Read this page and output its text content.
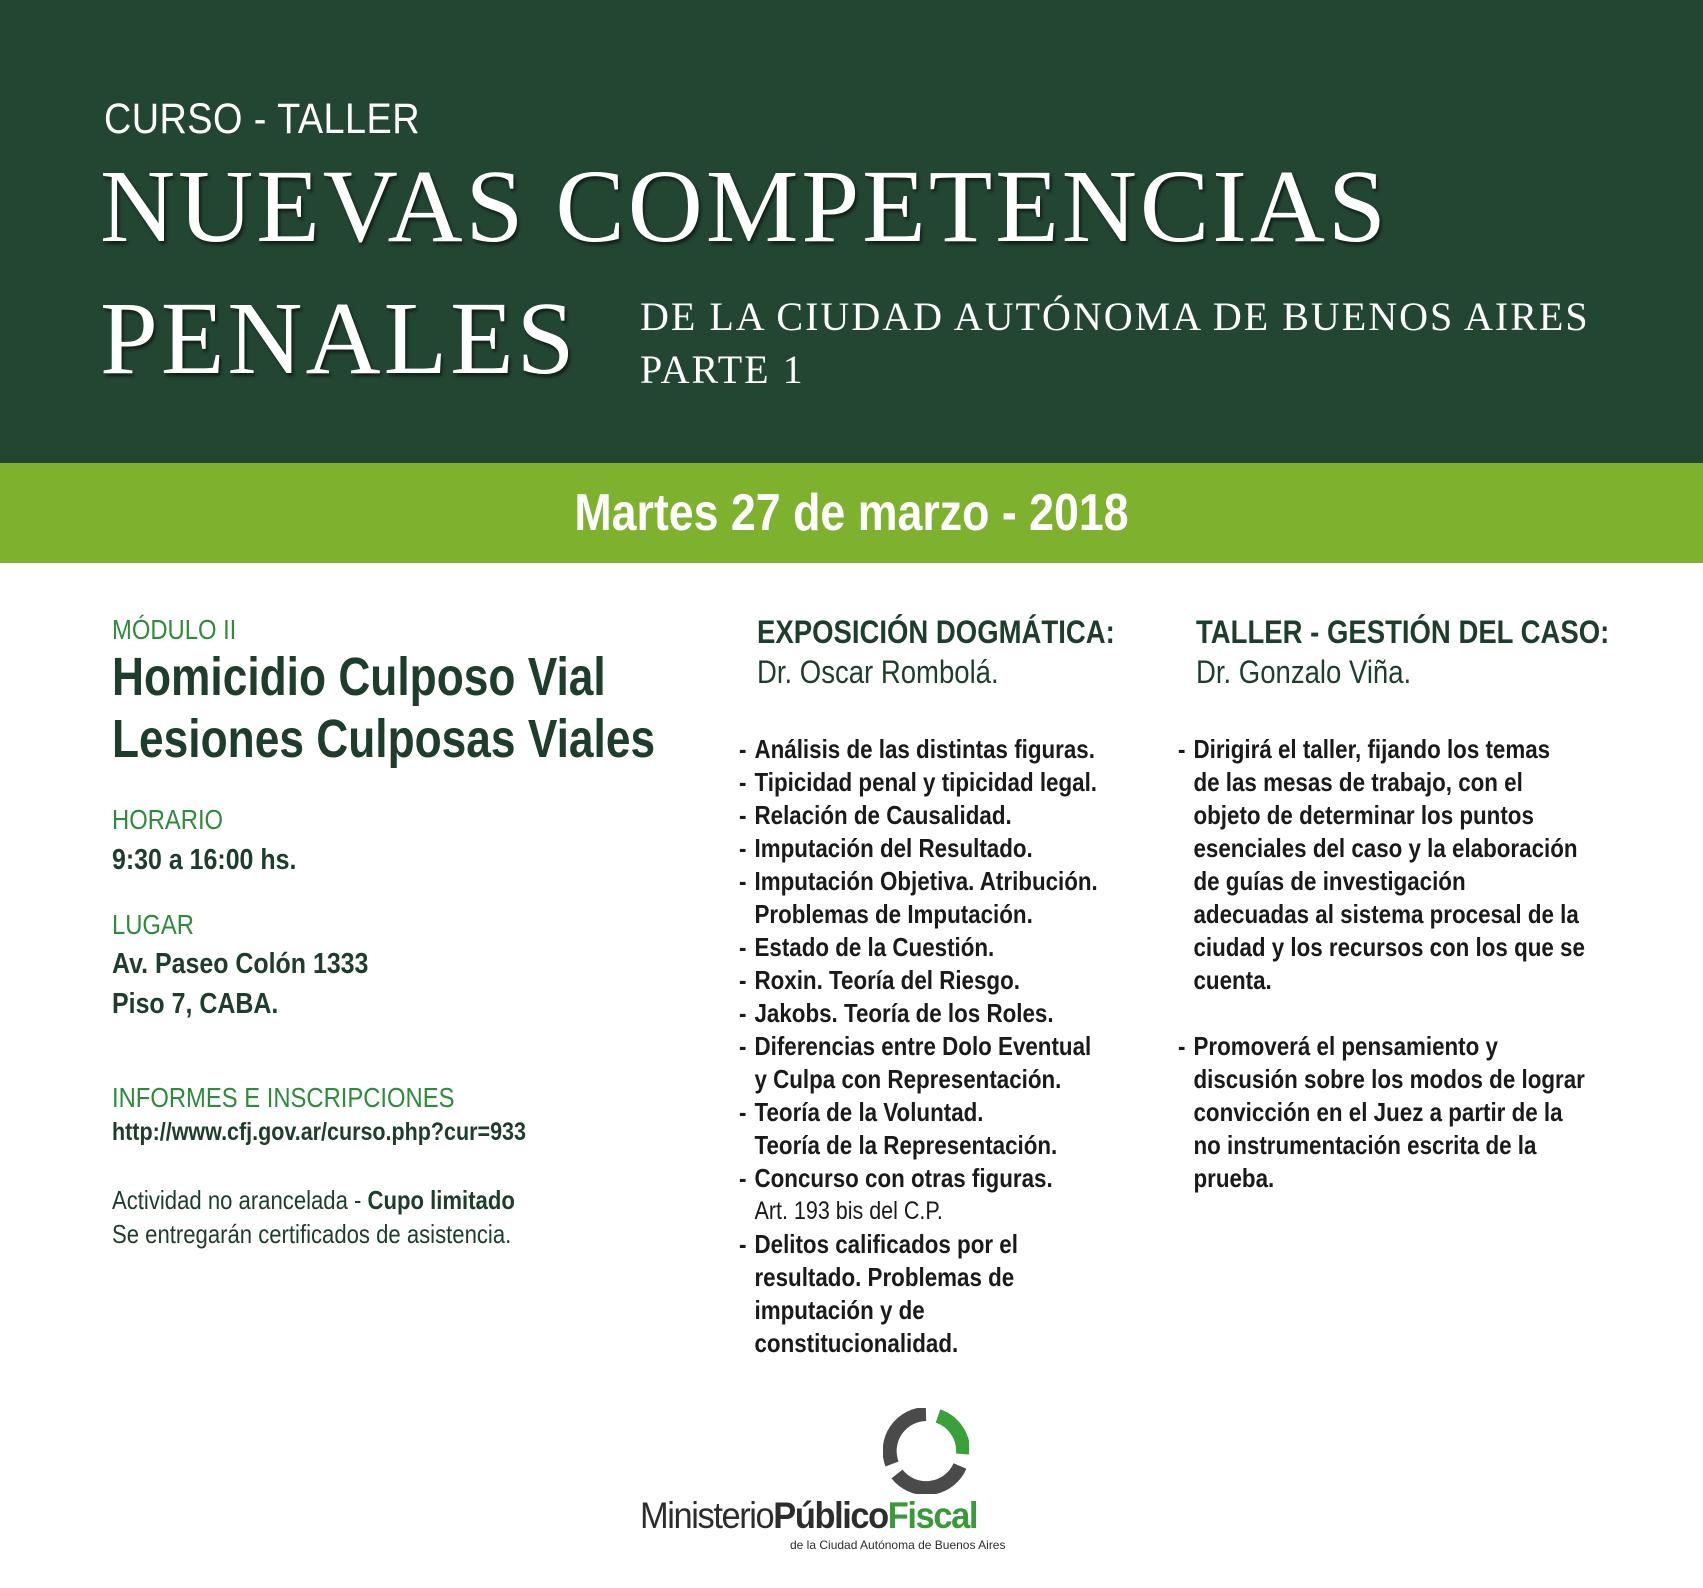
CURSO - TALLER
NUEVAS COMPETENCIAS
PENALES DE LA CIUDAD AUTÓNOMA DE BUENOS AIRES
PARTE 1
Martes 27 de marzo - 2018
MÓDULO II
Homicidio Culposo Vial
Lesiones Culposas Viales
HORARIO
9:30 a 16:00 hs.
LUGAR
Av. Paseo Colón 1333
Piso 7, CABA.
INFORMES E INSCRIPCIONES
http://www.cfj.gov.ar/curso.php?cur=933
Actividad no arancelada - Cupo limitado
Se entregarán certificados de asistencia.
EXPOSICIÓN DOGMÁTICA:
Dr. Oscar Rombolá.
- Análisis de las distintas figuras.
- Tipicidad penal y tipicidad legal.
- Relación de Causalidad.
- Imputación del Resultado.
- Imputación Objetiva. Atribución.
Problemas de Imputación.
- Estado de la Cuestión.
- Roxin. Teoría del Riesgo.
- Jakobs. Teoría de los Roles.
- Diferencias entre Dolo Eventual
y Culpa con Representación.
- Teoría de la Voluntad.
Teoría de la Representación.
- Concurso con otras figuras.
Art. 193 bis del C.P.
- Delitos calificados por el
resultado. Problemas de
imputación y de
constitucionalidad.
TALLER - GESTIÓN DEL CASO:
Dr. Gonzalo Viña.
- Dirigirá el taller, fijando los temas
de las mesas de trabajo, con el
objeto de determinar los puntos
esenciales del caso y la elaboración
de guías de investigación
adecuadas al sistema procesal de la
ciudad y los recursos con los que se
cuenta.
- Promoverá el pensamiento y
discusión sobre los modos de lograr
convicción en el Juez a partir de la
no instrumentación escrita de la
prueba.
MinisterioPúblicoFiscal
de la Ciudad Autónoma de Buenos Aires
